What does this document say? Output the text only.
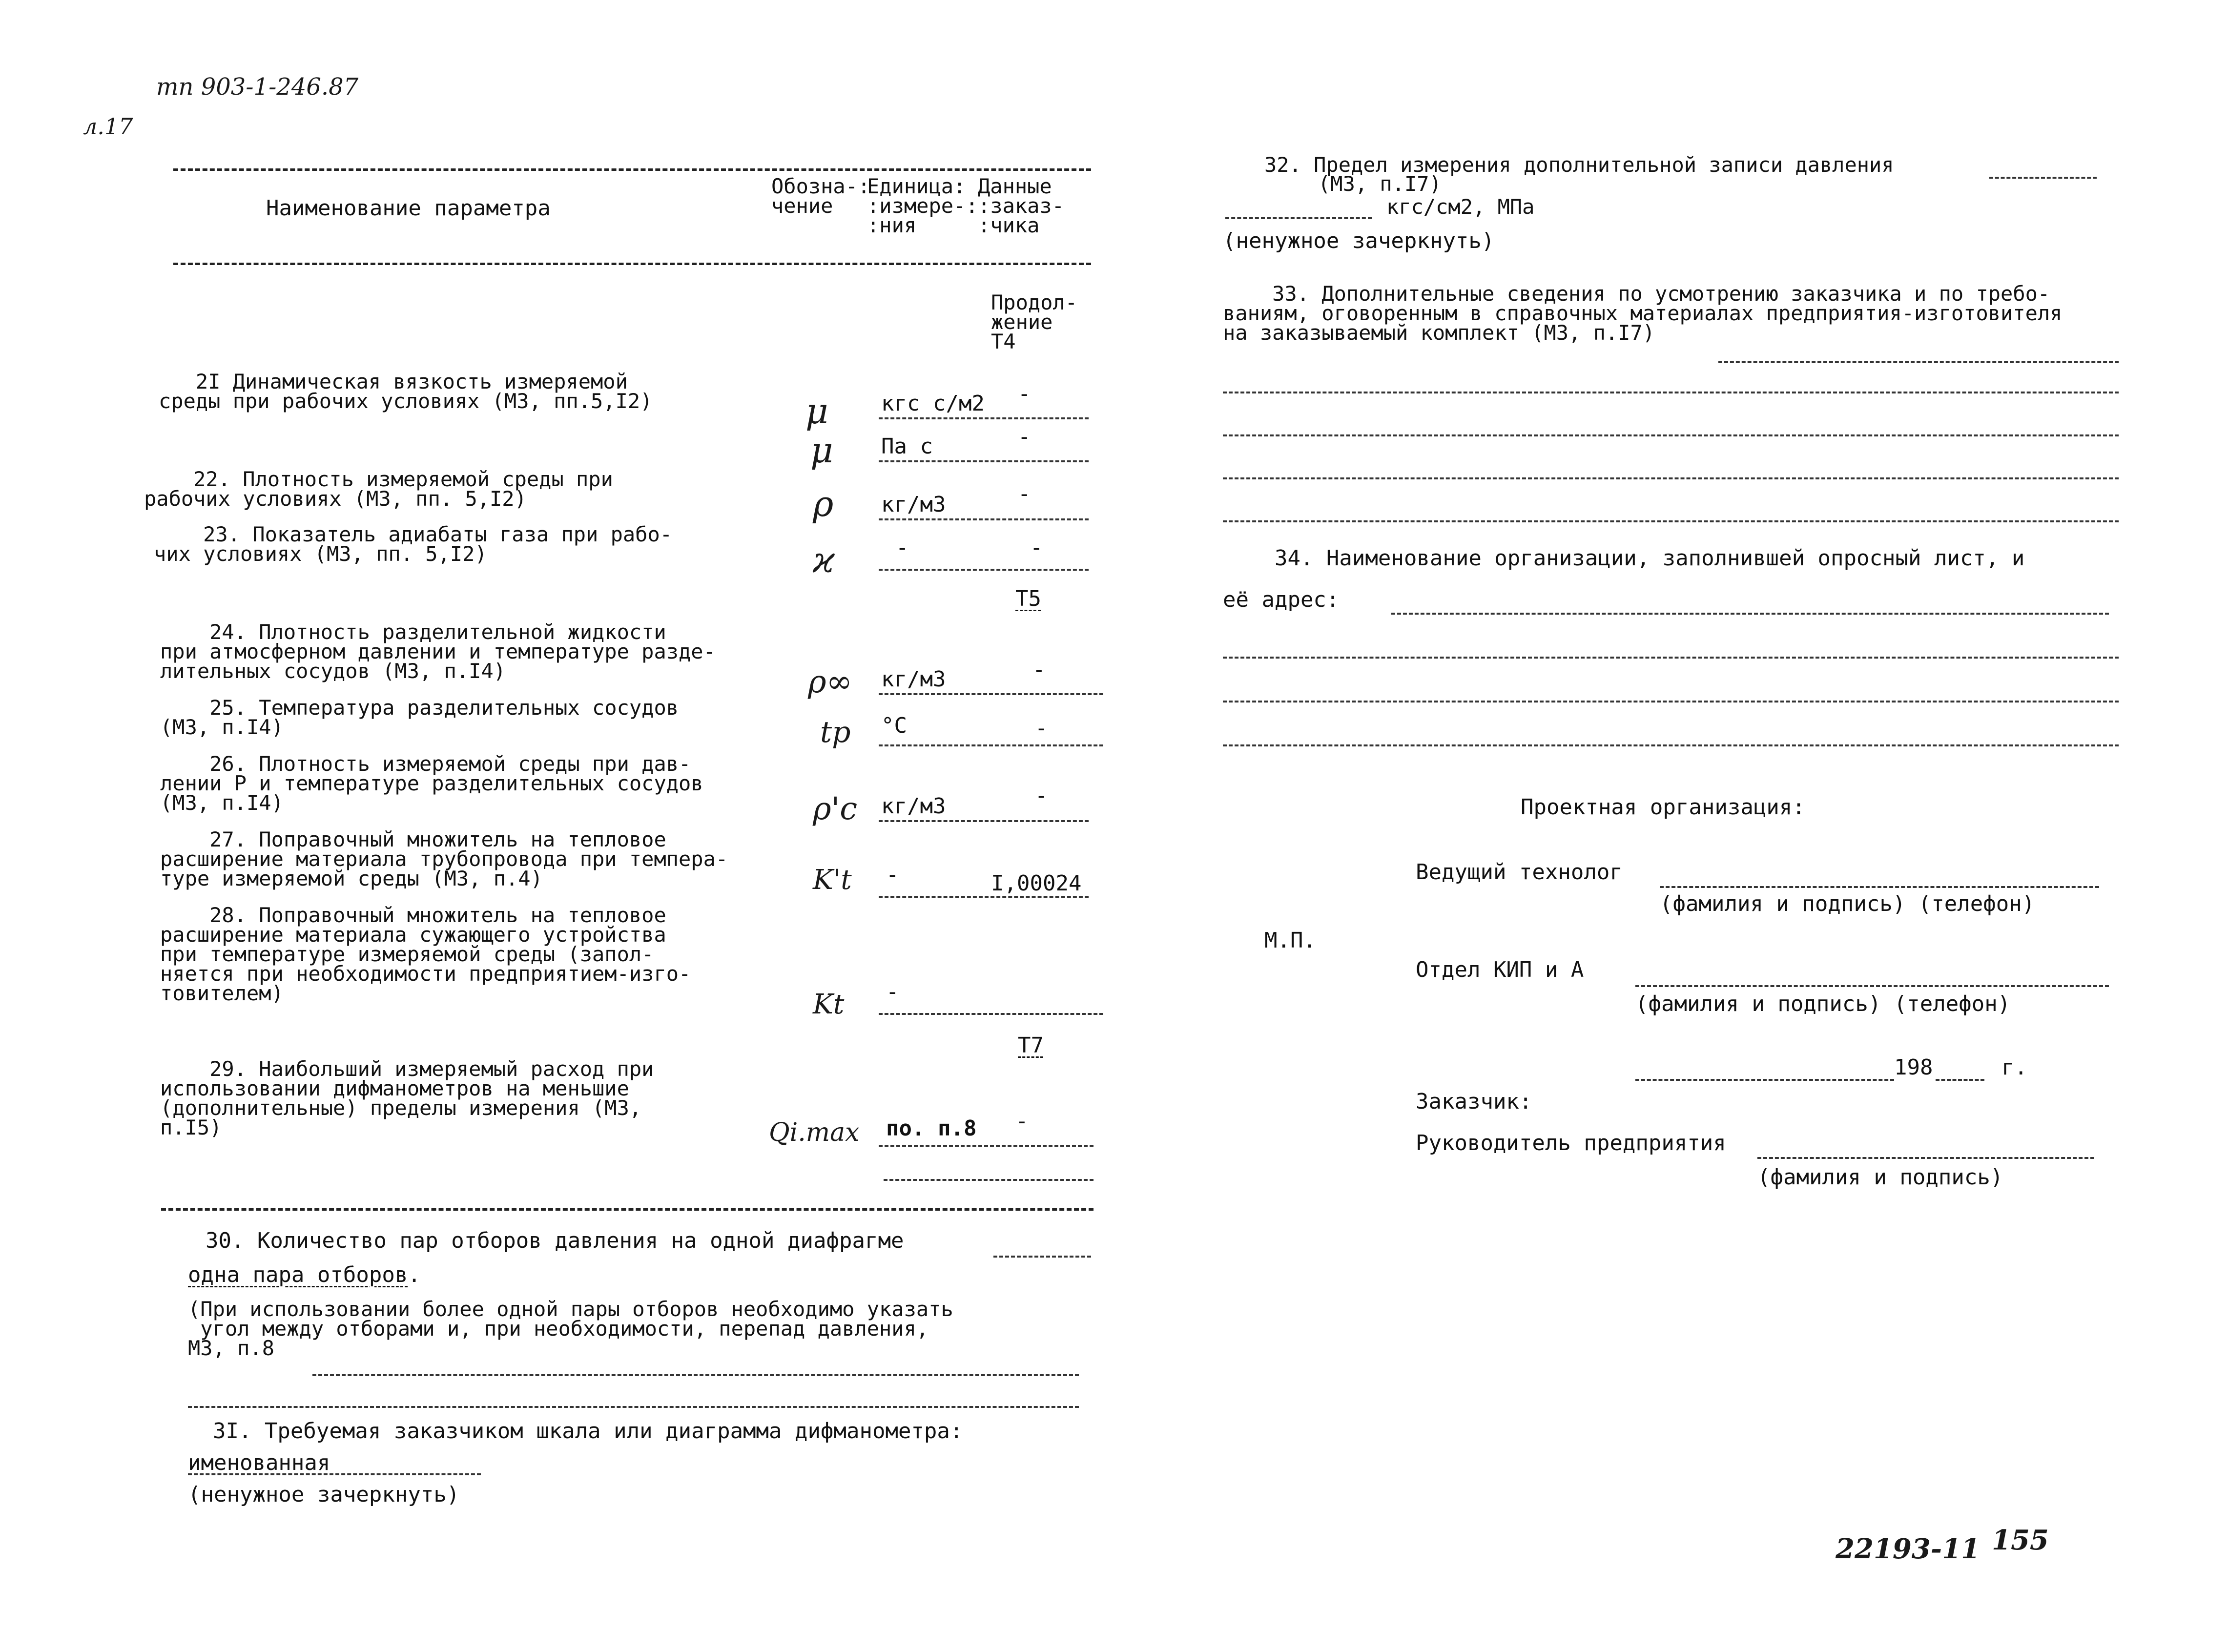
тп 903-1-246.87
л.17
22193-11 155
Наименование параметра
Обозна-:
чение
Единица:
:измере-:
:ния
Данные
:заказ-
:чика
Продол-
жение
Т4
2I Динамическая вязкость измеряемой
среды при рабочих условиях (М3, пп.5,I2)
22. Плотность измеряемой среды при
рабочих условиях (М3, пп. 5,I2)
23. Показатель адиабаты газа при рабо-
чих условиях (М3, пп. 5,I2)
24. Плотность разделительной жидкости
при атмосферном давлении и температуре разде-
лительных сосудов (М3, п.I4)
25. Температура разделительных сосудов
(М3, п.I4)
26. Плотность измеряемой среды при дав-
лении Р и температуре разделительных сосудов
(М3, п.I4)
27. Поправочный множитель на тепловое
расширение материала трубопровода при темпера-
туре измеряемой среды (М3, п.4)
28. Поправочный множитель на тепловое
расширение материала сужающего устройства
при температуре измеряемой среды (запол-
няется при необходимости предприятием-изго-
товителем)
29. Наибольший измеряемый расход при
использовании дифманометров на меньшие
(дополнительные) пределы измерения (М3,
п.I5)
μ
μ
ρ
ϰ
ρ∞
tр
ρ'с
K't
Kt
Qi.max
кгс с/м2
Па с
кг/м3
-
Т5
кг/м3
°С
кг/м3
-
-
Т7
по. п.8
-
-
-
-
-
-
-
I,00024
-
30. Количество пар отборов давления на одной диафрагме
одна пара отборов.
(При использовании более одной пары отборов необходимо указать
угол между отборами и, при необходимости, перепад давления,
М3, п.8
3I. Требуемая заказчиком шкала или диаграмма дифманометра:
именованная
(ненужное зачеркнуть)
32. Предел измерения дополнительной записи давления
(М3, п.I7)
кгс/см2, МПа
(ненужное зачеркнуть)
33. Дополнительные сведения по усмотрению заказчика и по требо-
ваниям, оговоренным в справочных материалах предприятия-изготовителя
на заказываемый комплект (М3, п.I7)
34. Наименование организации, заполнившей опросный лист, и
её адрес:
Проектная организация:
Ведущий технолог
(фамилия и подпись) (телефон)
М.П.
Отдел КИП и А
(фамилия и подпись) (телефон)
198	г.
Заказчик:
Руководитель предприятия
(фамилия и подпись)
